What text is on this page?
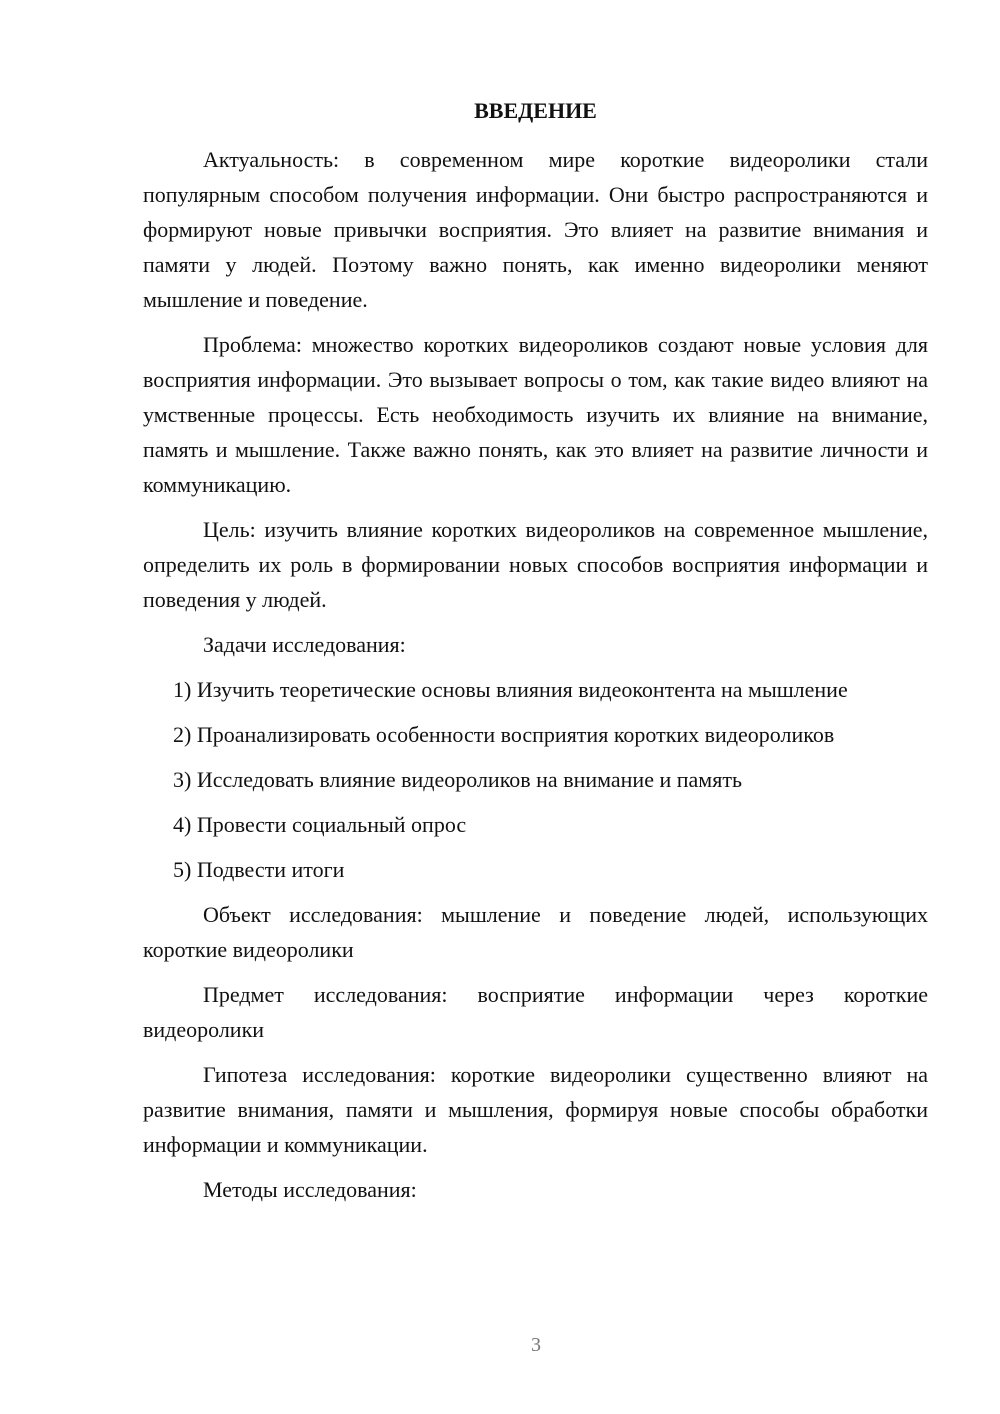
ВВЕДЕНИЕ

Актуальность: в современном мире короткие видеоролики стали популярным способом получения информации. Они быстро распространяются и формируют новые привычки восприятия. Это влияет на развитие внимания и памяти у людей. Поэтому важно понять, как именно видеоролики меняют мышление и поведение.

Проблема: множество коротких видеороликов создают новые условия для восприятия информации. Это вызывает вопросы о том, как такие видео влияют на умственные процессы. Есть необходимость изучить их влияние на внимание, память и мышление. Также важно понять, как это влияет на развитие личности и коммуникацию.

Цель: изучить влияние коротких видеороликов на современное мышление, определить их роль в формировании новых способов восприятия информации и поведения у людей.

Задачи исследования:

1) Изучить теоретические основы влияния видеоконтента на мышление

2) Проанализировать особенности восприятия коротких видеороликов

3) Исследовать влияние видеороликов на внимание и память

4) Провести социальный опрос

5) Подвести итоги

Объект исследования: мышление и поведение людей, использующих короткие видеоролики

Предмет исследования: восприятие информации через короткие видеоролики

Гипотеза исследования: короткие видеоролики существенно влияют на развитие внимания, памяти и мышления, формируя новые способы обработки информации и коммуникации.

Методы исследования:

3
